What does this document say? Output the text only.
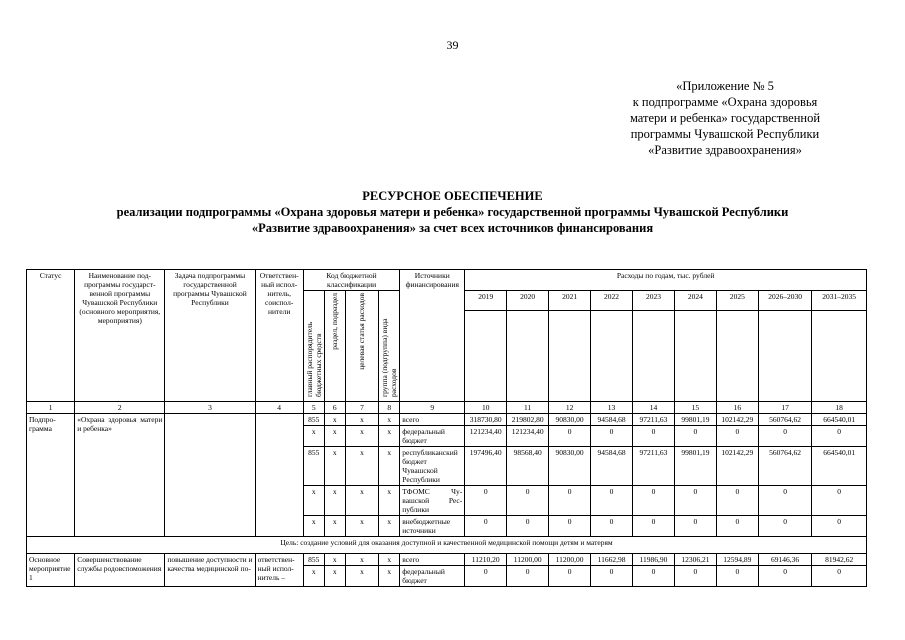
39
«Приложение № 5
к подпрограмме «Охрана здоровья
матери и ребенка» государственной
программы Чувашской Республики
«Развитие здравоохранения»
РЕСУРСНОЕ ОБЕСПЕЧЕНИЕ
реализации подпрограммы «Охрана здоровья матери и ребенка» государственной программы Чувашской Республики
«Развитие здравоохранения» за счет всех источников финансирования
Статус	Наименование подпрограммы государственной программы Чувашской Республики (основного мероприятия, мероприятия)	Задача подпрограммы государственной программы Чувашской Республики	Ответственный исполнитель, соисполнители	Код бюджетной классификации				Источники финансирования	Расходы по годам, тыс. рублей								

				главный распорядитель бюджетных средств	раздел, подраздел	целевая статья расходов	группа (подгруппа) вида расходов		2019	2020	2021	2022	2023	2024	2025	2026–2030	2031–2035

1	2	3	4	5	6	7	8	9	10	11	12	13	14	15	16	17	18
Подпрограмма	«Охрана здоровья матери и ребенка»			855	x	x	x	всего	318730,80	219802,80	90830,00	94584,68	97211,63	99801,19	102142,29	560764,62	664540,01
				x	x	x	x	федеральный бюджет	121234,40	121234,40	0	0	0	0	0	0	0
				855	x	x	x	республиканский бюджет Чувашской Республики	197496,40	98568,40	90830,00	94584,68	97211,63	99801,19	102142,29	560764,62	664540,01
				x	x	x	x	ТФОМС Чувашской Республики	0	0	0	0	0	0	0	0	0
				x	x	x	x	внебюджетные источники	0	0	0	0	0	0	0	0	0
Цель: создание условий для оказания доступной и качественной медицинской помощи детям и матерям																	
Основное мероприятие 1	Совершенствование службы родовспоможения	повышение доступности и качества медицинской по-	ответственный исполнитель –	855	x	x	x	всего	11210,20	11200,00	11200,00	11662,98	11986,90	12306,21	12594,89	69146,36	81942,62
				x	x	x	x	федеральный бюджет	0	0	0	0	0	0	0	0	0
